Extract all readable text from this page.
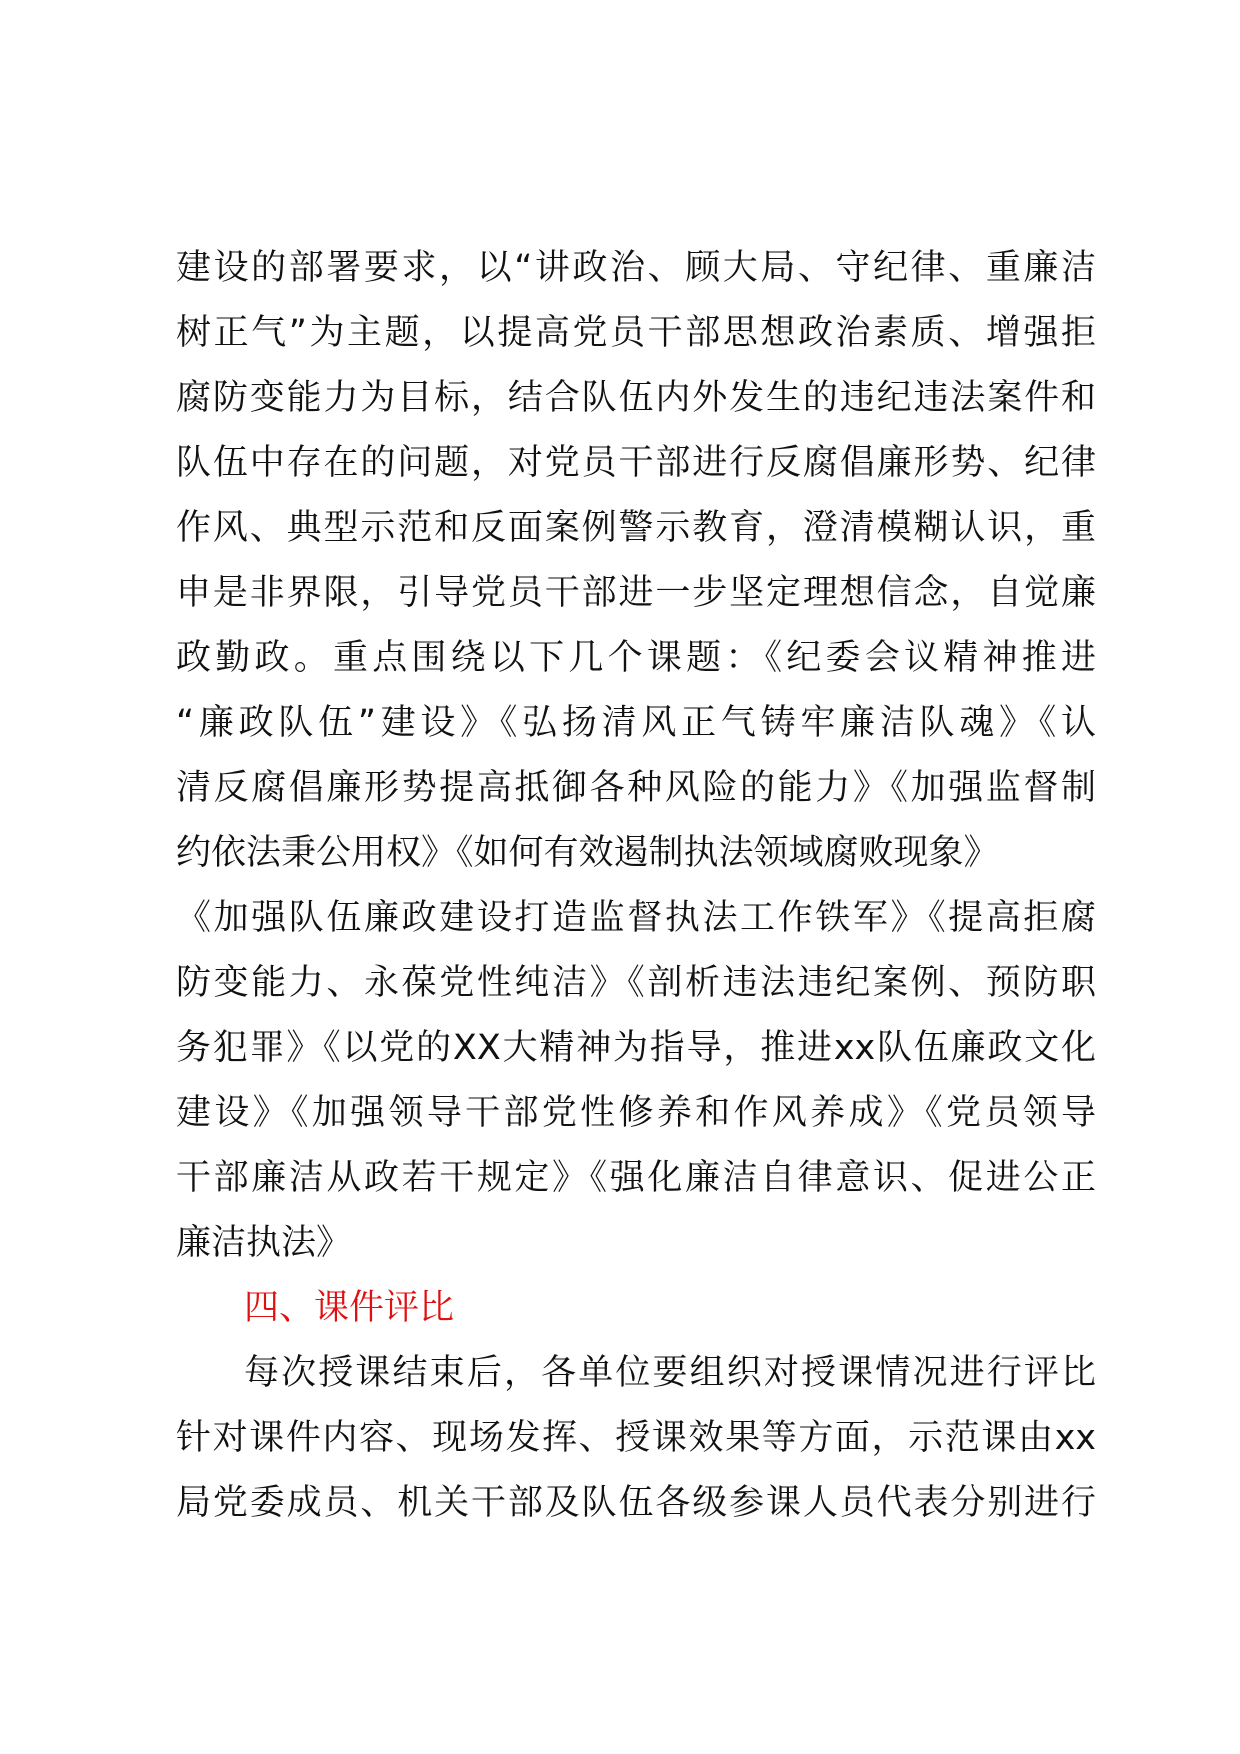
建设的部署要求，以“讲政治、顾大局、守纪律、重廉洁
树正气”为主题，以提高党员干部思想政治素质、增强拒
腐防变能力为目标，结合队伍内外发生的违纪违法案件和
队伍中存在的问题，对党员干部进行反腐倡廉形势、纪律
作风、典型示范和反面案例警示教育，澄清模糊认识，重
申是非界限，引导党员干部进一步坚定理想信念，自觉廉
政勤政。重点围绕以下几个课题：《纪委会议精神推进
“廉政队伍”建设》《弘扬清风正气铸牢廉洁队魂》《认
清反腐倡廉形势提高抵御各种风险的能力》《加强监督制
约依法秉公用权》《如何有效遏制执法领域腐败现象》
《加强队伍廉政建设打造监督执法工作铁军》《提高拒腐
防变能力、永葆党性纯洁》《剖析违法违纪案例、预防职
务犯罪》《以党的XX大精神为指导，推进xx队伍廉政文化
建设》《加强领导干部党性修养和作风养成》《党员领导
干部廉洁从政若干规定》《强化廉洁自律意识、促进公正
廉洁执法》
四、课件评比
每次授课结束后，各单位要组织对授课情况进行评比
针对课件内容、现场发挥、授课效果等方面，示范课由xx
局党委成员、机关干部及队伍各级参课人员代表分别进行
